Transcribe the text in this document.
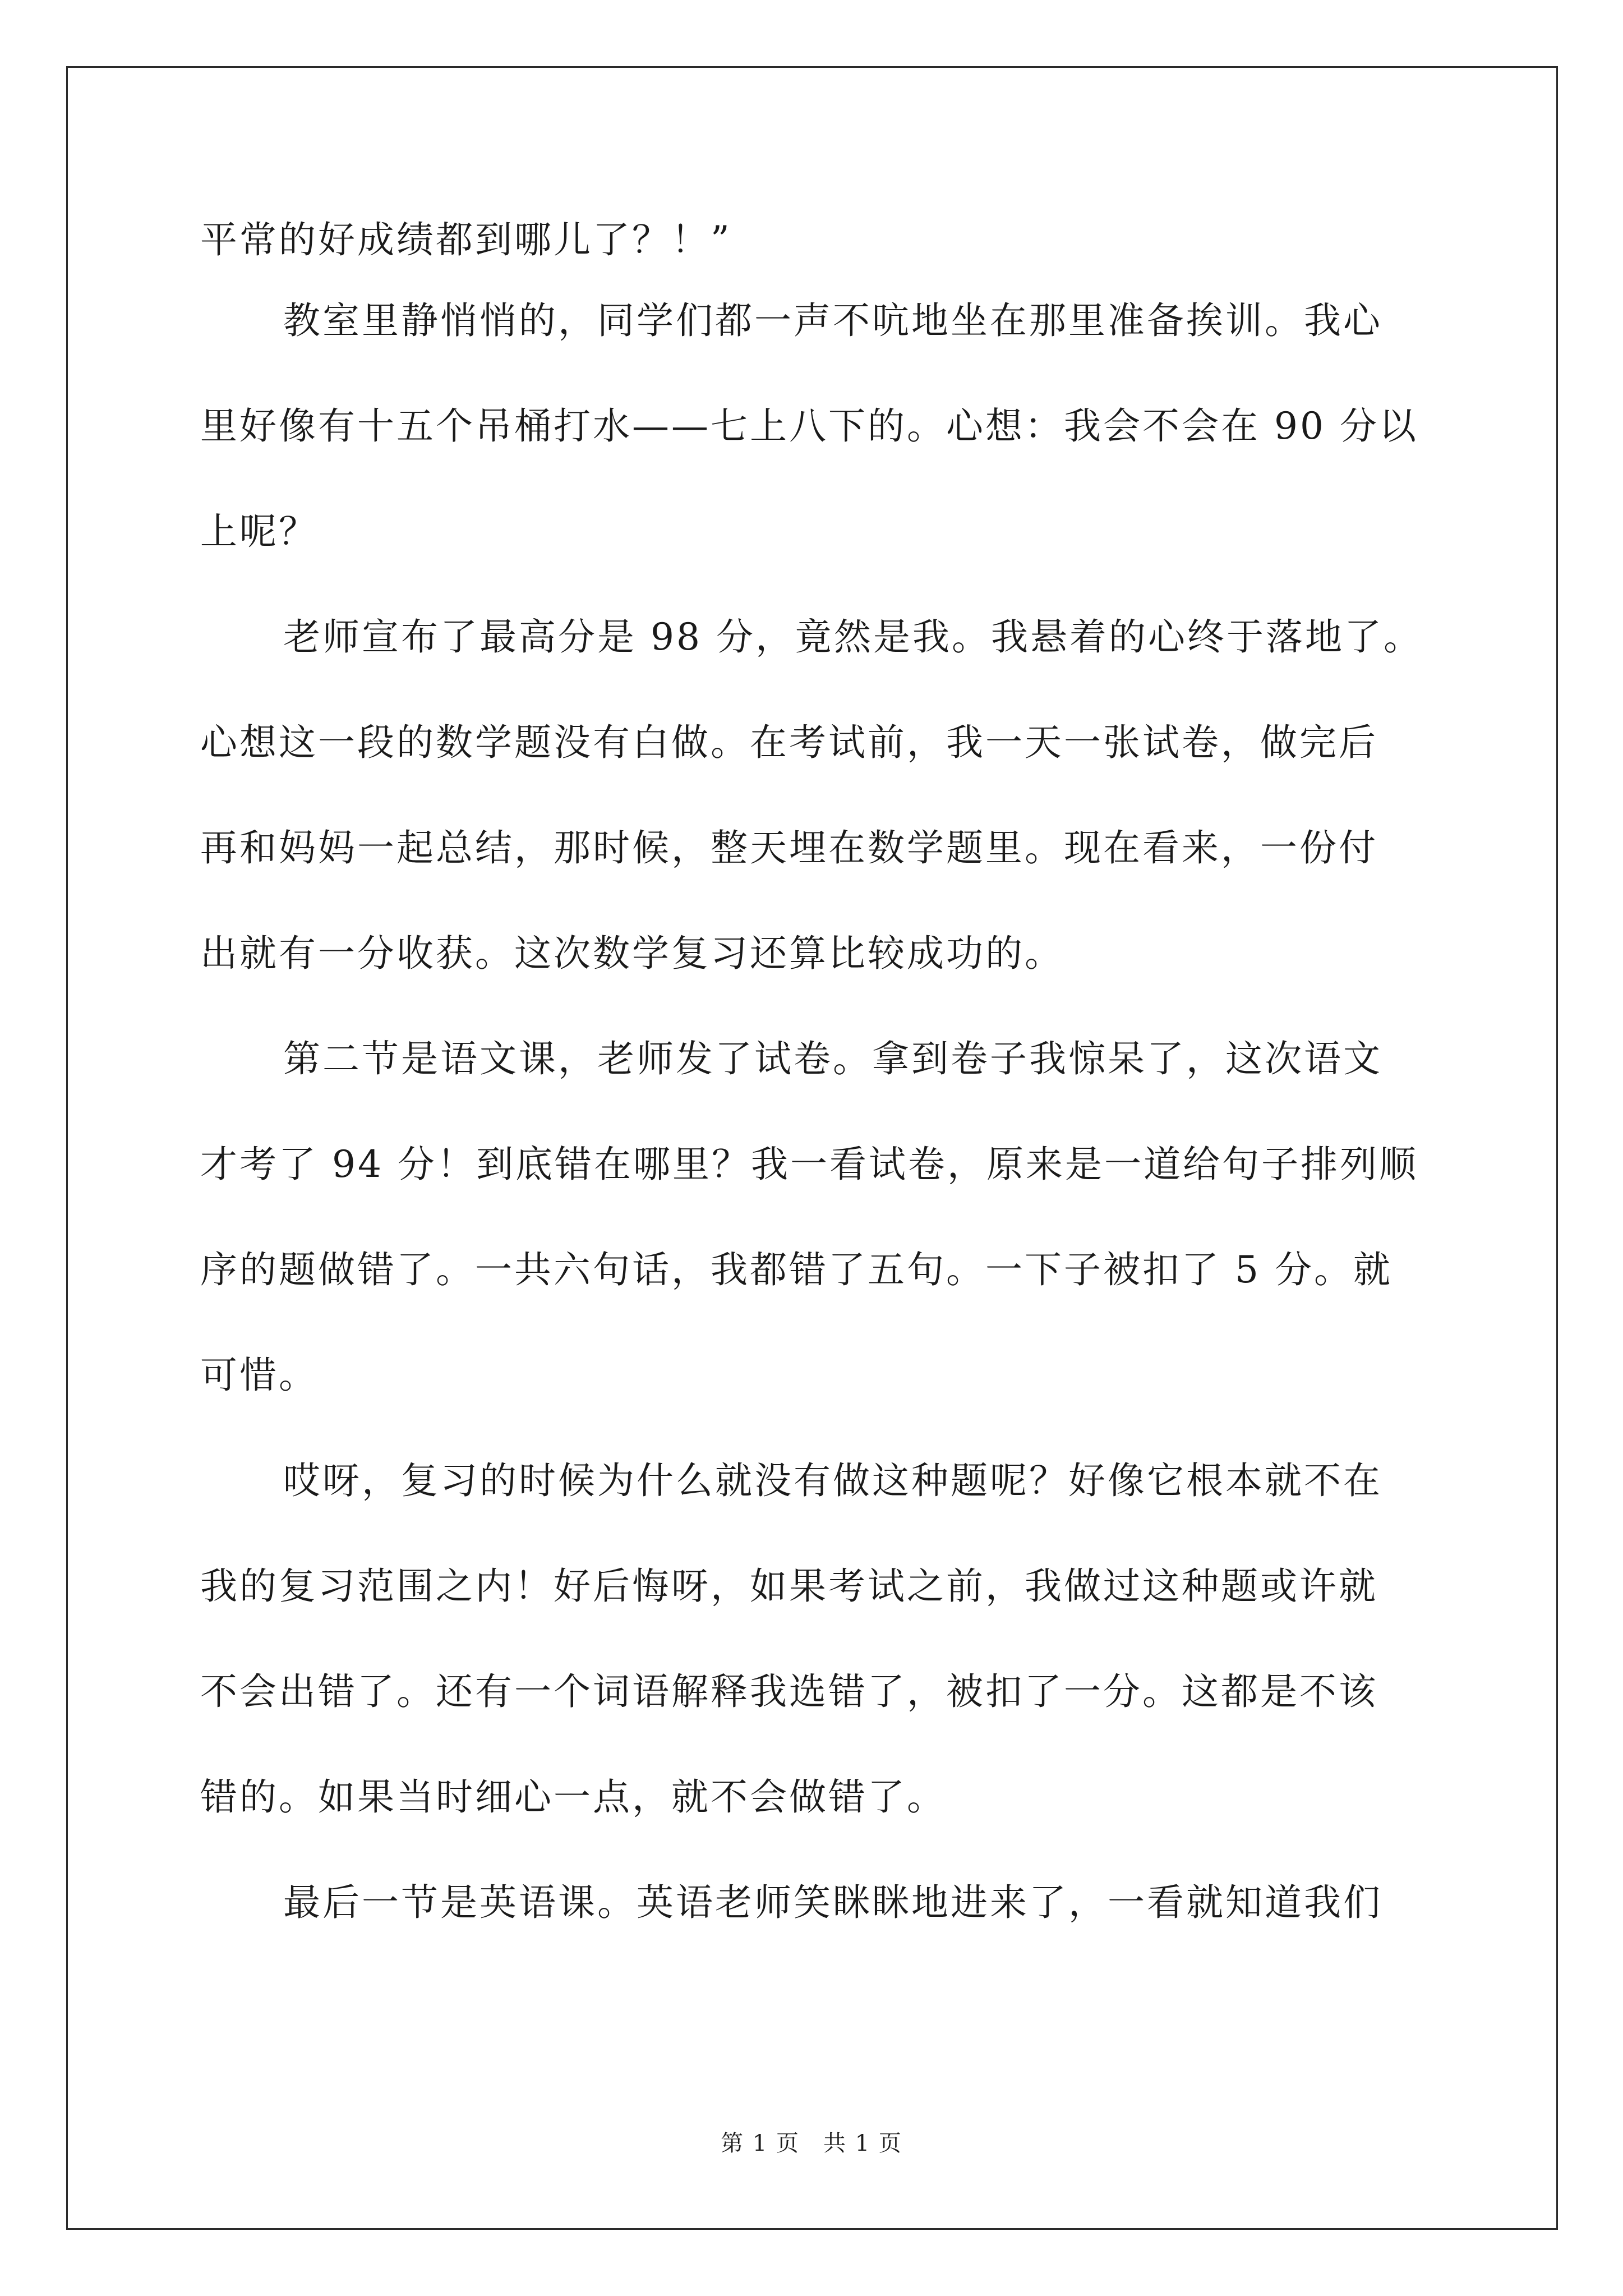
平常的好成绩都到哪儿了？！”
教室里静悄悄的，同学们都一声不吭地坐在那里准备挨训。我心
里好像有十五个吊桶打水——七上八下的。心想：我会不会在 90 分以
上呢？
老师宣布了最高分是 98 分，竟然是我。我悬着的心终于落地了。
心想这一段的数学题没有白做。在考试前，我一天一张试卷，做完后
再和妈妈一起总结，那时候，整天埋在数学题里。现在看来，一份付
出就有一分收获。这次数学复习还算比较成功的。
第二节是语文课，老师发了试卷。拿到卷子我惊呆了，这次语文
才考了 94 分！到底错在哪里？我一看试卷，原来是一道给句子排列顺
序的题做错了。一共六句话，我都错了五句。一下子被扣了 5 分。就
可惜。
哎呀，复习的时候为什么就没有做这种题呢？好像它根本就不在
我的复习范围之内！好后悔呀，如果考试之前，我做过这种题或许就
不会出错了。还有一个词语解释我选错了，被扣了一分。这都是不该
错的。如果当时细心一点，就不会做错了。
最后一节是英语课。英语老师笑眯眯地进来了，一看就知道我们
第 1 页　共 1 页
